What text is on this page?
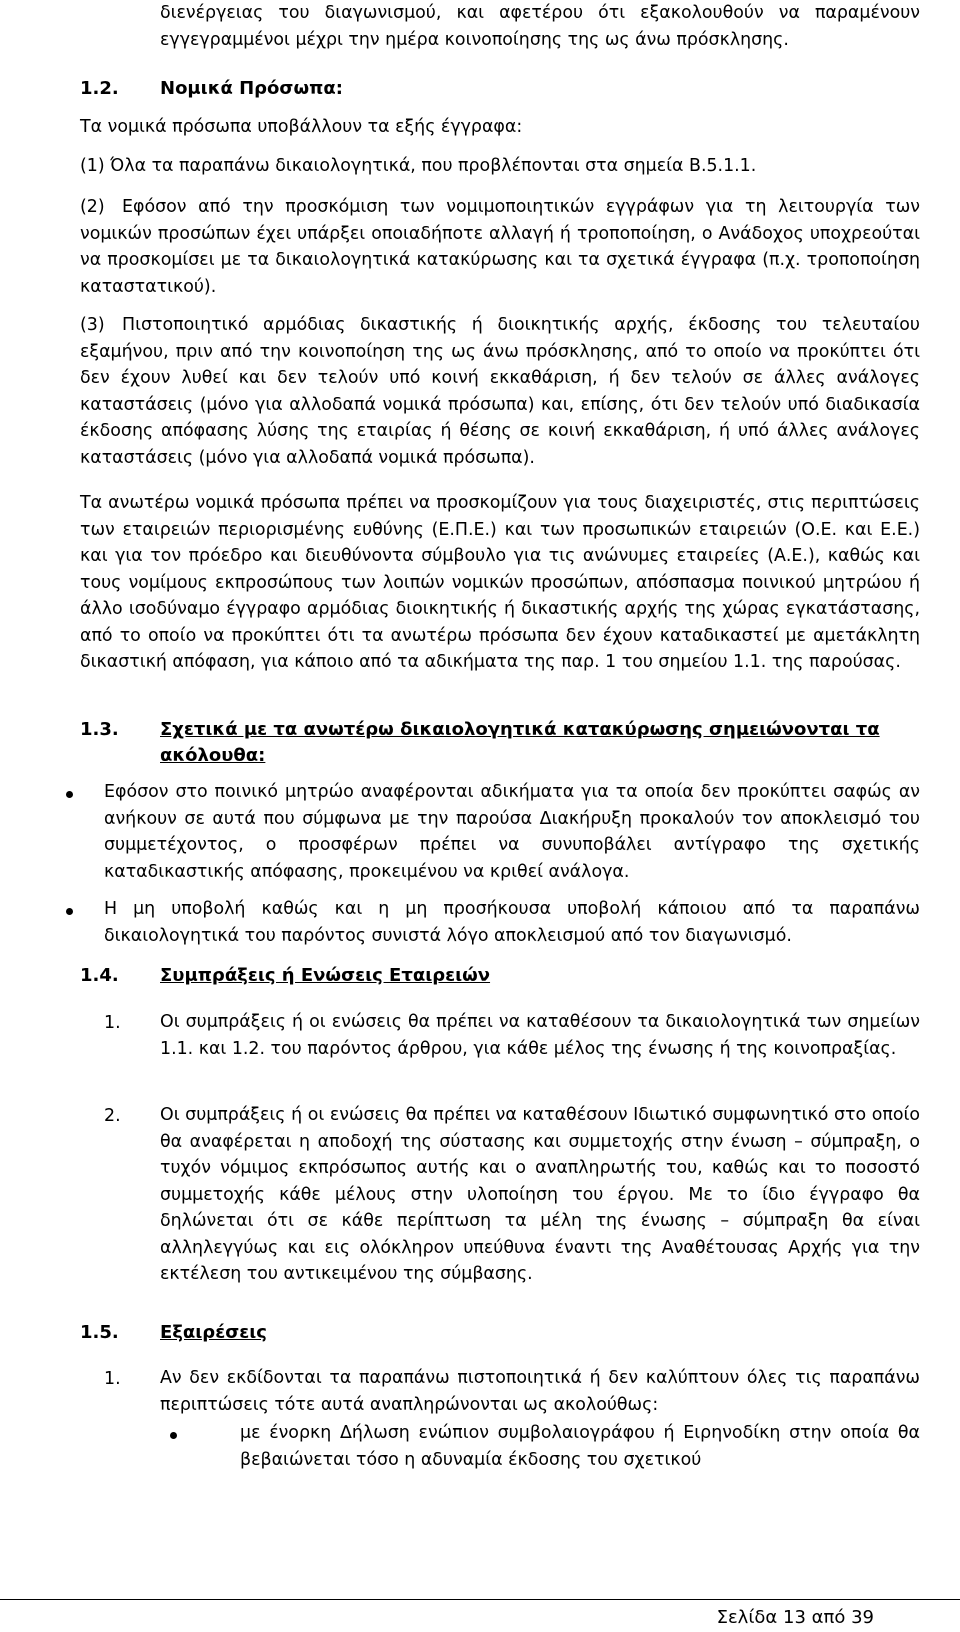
διενέργειας του διαγωνισμού, και αφετέρου ότι εξακολουθούν να παραμένουν εγγεγραμμένοι μέχρι την ημέρα κοινοποίησης της ως άνω πρόσκλησης.

1.2. Νομικά Πρόσωπα:

Τα νομικά πρόσωπα υποβάλλουν τα εξής έγγραφα:

(1) Όλα τα παραπάνω δικαιολογητικά, που προβλέπονται στα σημεία Β.5.1.1.

(2) Εφόσον από την προσκόμιση των νομιμοποιητικών εγγράφων για τη λειτουργία των νομικών προσώπων έχει υπάρξει οποιαδήποτε αλλαγή ή τροποποίηση, ο Ανάδοχος υποχρεούται να προσκομίσει με τα δικαιολογητικά κατακύρωσης και τα σχετικά έγγραφα (π.χ. τροποποίηση καταστατικού).

(3) Πιστοποιητικό αρμόδιας δικαστικής ή διοικητικής αρχής, έκδοσης του τελευταίου εξαμήνου, πριν από την κοινοποίηση της ως άνω πρόσκλησης, από το οποίο να προκύπτει ότι δεν έχουν λυθεί και δεν τελούν υπό κοινή εκκαθάριση, ή δεν τελούν σε άλλες ανάλογες καταστάσεις (μόνο για αλλοδαπά νομικά πρόσωπα) και, επίσης, ότι δεν τελούν υπό διαδικασία έκδοσης απόφασης λύσης της εταιρίας ή θέσης σε κοινή εκκαθάριση, ή υπό άλλες ανάλογες καταστάσεις (μόνο για αλλοδαπά νομικά πρόσωπα).

Τα ανωτέρω νομικά πρόσωπα πρέπει να προσκομίζουν για τους διαχειριστές, στις περιπτώσεις των εταιρειών περιορισμένης ευθύνης (Ε.Π.Ε.) και των προσωπικών εταιρειών (Ο.Ε. και Ε.Ε.) και για τον πρόεδρο και διευθύνοντα σύμβουλο για τις ανώνυμες εταιρείες (Α.Ε.), καθώς και τους νομίμους εκπροσώπους των λοιπών νομικών προσώπων, απόσπασμα ποινικού μητρώου ή άλλο ισοδύναμο έγγραφο αρμόδιας διοικητικής ή δικαστικής αρχής της χώρας εγκατάστασης, από το οποίο να προκύπτει ότι τα ανωτέρω πρόσωπα δεν έχουν καταδικαστεί με αμετάκλητη δικαστική απόφαση, για κάποιο από τα αδικήματα της παρ. 1 του σημείου 1.1. της παρούσας.

1.3. Σχετικά με τα ανωτέρω δικαιολογητικά κατακύρωσης σημειώνονται τα ακόλουθα:

Εφόσον στο ποινικό μητρώο αναφέρονται αδικήματα για τα οποία δεν προκύπτει σαφώς αν ανήκουν σε αυτά που σύμφωνα με την παρούσα Διακήρυξη προκαλούν τον αποκλεισμό του συμμετέχοντος, ο προσφέρων πρέπει να συνυποβάλει αντίγραφο της σχετικής καταδικαστικής απόφασης, προκειμένου να κριθεί ανάλογα.

Η μη υποβολή καθώς και η μη προσήκουσα υποβολή κάποιου από τα παραπάνω δικαιολογητικά του παρόντος συνιστά λόγο αποκλεισμού από τον διαγωνισμό.

1.4. Συμπράξεις ή Ενώσεις Εταιρειών
1. Οι συμπράξεις ή οι ενώσεις θα πρέπει να καταθέσουν τα δικαιολογητικά των σημείων 1.1. και 1.2. του παρόντος άρθρου, για κάθε μέλος της ένωσης ή της κοινοπραξίας.

2. Οι συμπράξεις ή οι ενώσεις θα πρέπει να καταθέσουν Ιδιωτικό συμφωνητικό στο οποίο θα αναφέρεται η αποδοχή της σύστασης και συμμετοχής στην ένωση – σύμπραξη, ο τυχόν νόμιμος εκπρόσωπος αυτής και ο αναπληρωτής του, καθώς και το ποσοστό συμμετοχής κάθε μέλους στην υλοποίηση του έργου. Με το ίδιο έγγραφο θα δηλώνεται ότι σε κάθε περίπτωση τα μέλη της ένωσης – σύμπραξη θα είναι αλληλεγγύως και εις ολόκληρον υπεύθυνα έναντι της Αναθέτουσας Αρχής για την εκτέλεση του αντικειμένου της σύμβασης.

1.5. Εξαιρέσεις
1. Αν δεν εκδίδονται τα παραπάνω πιστοποιητικά ή δεν καλύπτουν όλες τις παραπάνω περιπτώσεις τότε αυτά αναπληρώνονται ως ακολούθως:

με ένορκη Δήλωση ενώπιον συμβολαιογράφου ή Ειρηνοδίκη στην οποία θα βεβαιώνεται τόσο η αδυναμία έκδοσης του σχετικού

Σελίδα 13 από 39
